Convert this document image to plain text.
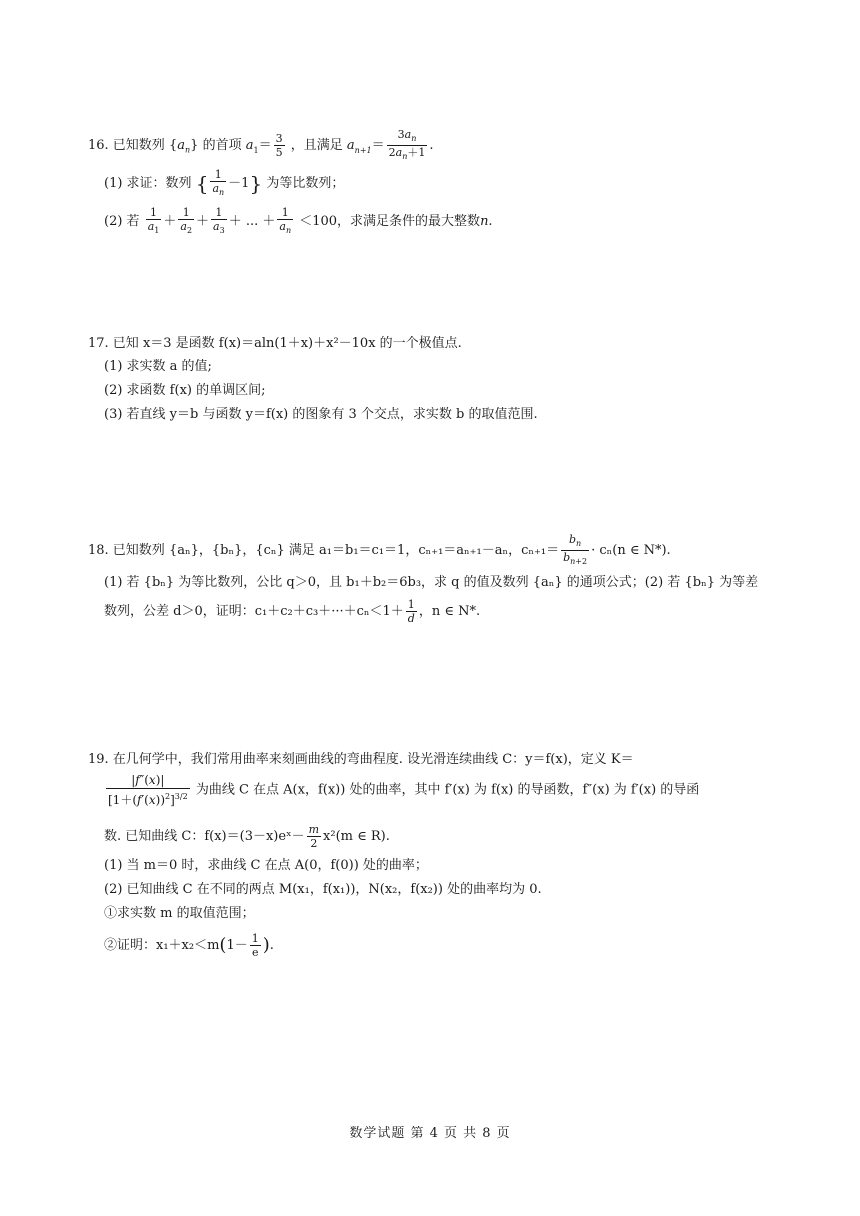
16. 已知数列 $\{a_n\}$ 的首项 $a_1= \frac{3}{5}$ ，且满足 $a_{n+1}= \frac{3a_n}{2a_n+1}$ .
(1) 求证：数列 { $\frac{1}{a_n} -1$} 为等比数列；
(2) 若 $\frac{1}{a_1} + \frac{1}{a_2} + \frac{1}{a_3}$ ＋ ... ＋ $\frac{1}{a_n} <100$，求满足条件的最大整数n.
17. 已知 x＝3 是函数 f(x)＝aln(1＋x)＋x²－10x 的一个极值点.
(1) 求实数 a 的值;
(2) 求函数 f(x) 的单调区间;
(3) 若直线 y＝b 与函数 y＝f(x) 的图象有 3 个交点，求实数 b 的取值范围.
18. 已知数列 {aₙ}，{bₙ}，{cₙ} 满足 a₁＝b₁＝c₁＝1，cₙ₊₁＝aₙ₊₁－aₙ，$c_{n+1}= \frac{b_n}{b_{n+2}} \cdot c_n(n$ ∈ N*).
(1) 若 {bₙ} 为等比数列，公比 q＞0，且 b₁＋b₂＝6b₃，求 q 的值及数列 {aₙ} 的通项公式；(2) 若 {bₙ} 为等差
数列，公差 d＞0，证明：$c_1+c_2+c_3+\cdot\cdot\cdot+c_n<1+ \frac{1}{d}$ ，n ∈ N*.
19. 在几何学中，我们常用曲率来刻画曲线的弯曲程度. 设光滑连续曲线 C：y＝f(x)，定义 K＝
$\frac{|f''(x)|}{[1+(f'(x))^2]^{3/2}}$ 为曲线 C 在点 A(x，f(x)) 处的曲率，其中 f′(x) 为 f(x) 的导函数，f″(x) 为 f′(x) 的导函
数. 已知曲线 C：f(x)＝(3－x)eˣ－ $\frac{m}{2} x^2(m$ ∈ R).
(1) 当 m＝0 时，求曲线 C 在点 A(0，f(0)) 处的曲率；
(2) 已知曲线 C 在不同的两点 M(x₁，f(x₁))，N(x₂，f(x₂)) 处的曲率均为 0.
①求实数 m 的取值范围；
②证明：$x_1+x_2<m(1- \frac{1}{e}$ ).
数学试题 第 4 页 共 8 页
